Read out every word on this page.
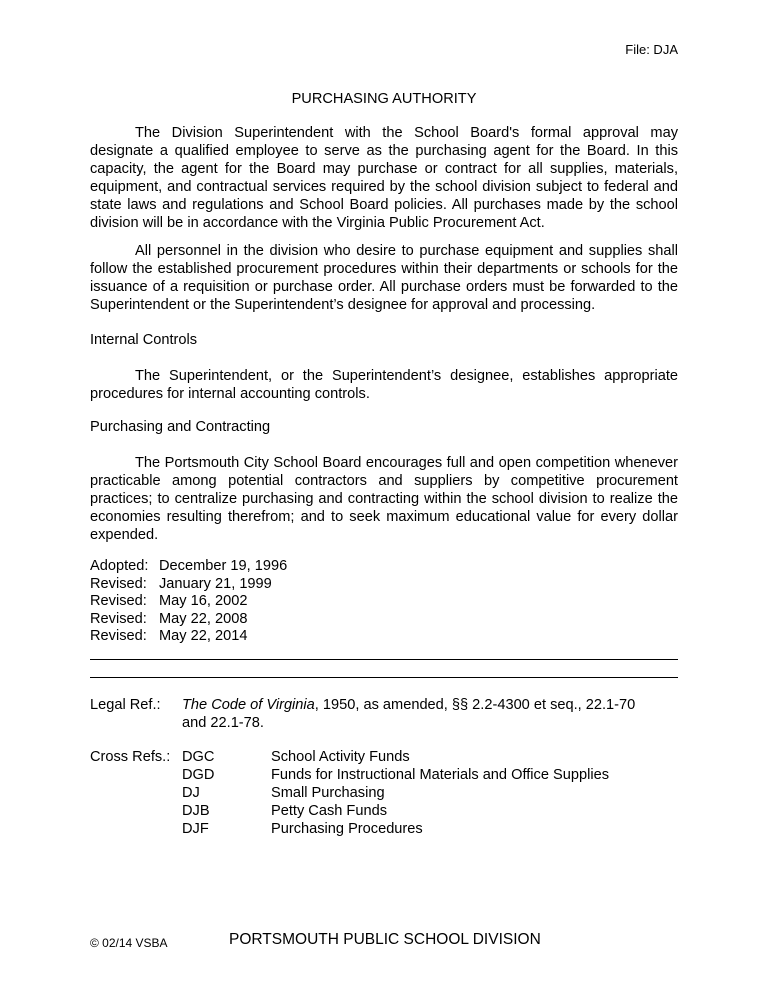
File: DJA
PURCHASING AUTHORITY

The Division Superintendent with the School Board's formal approval may designate a qualified employee to serve as the purchasing agent for the Board. In this capacity, the agent for the Board may purchase or contract for all supplies, materials, equipment, and contractual services required by the school division subject to federal and state laws and regulations and School Board policies. All purchases made by the school division will be in accordance with the Virginia Public Procurement Act.

All personnel in the division who desire to purchase equipment and supplies shall follow the established procurement procedures within their departments or schools for the issuance of a requisition or purchase order. All purchase orders must be forwarded to the Superintendent or the Superintendent’s designee for approval and processing.

Internal Controls

The Superintendent, or the Superintendent’s designee, establishes appropriate procedures for internal accounting controls.

Purchasing and Contracting

The Portsmouth City School Board encourages full and open competition whenever practicable among potential contractors and suppliers by competitive procurement practices; to centralize purchasing and contracting within the school division to realize the economies resulting therefrom; and to seek maximum educational value for every dollar expended.

Adopted: December 19, 1996
Revised: January 21, 1999
Revised: May 16, 2002
Revised: May 22, 2008
Revised: May 22, 2014
Legal Ref.: The Code of Virginia, 1950, as amended, §§ 2.2-4300 et seq., 22.1-70
and 22.1-78.
Cross Refs.: DGC	School Activity Funds
DGD	Funds for Instructional Materials and Office Supplies
DJ	Small Purchasing
DJB	Petty Cash Funds
DJF	Purchasing Procedures
© 02/14 VSBA	PORTSMOUTH PUBLIC SCHOOL DIVISION
